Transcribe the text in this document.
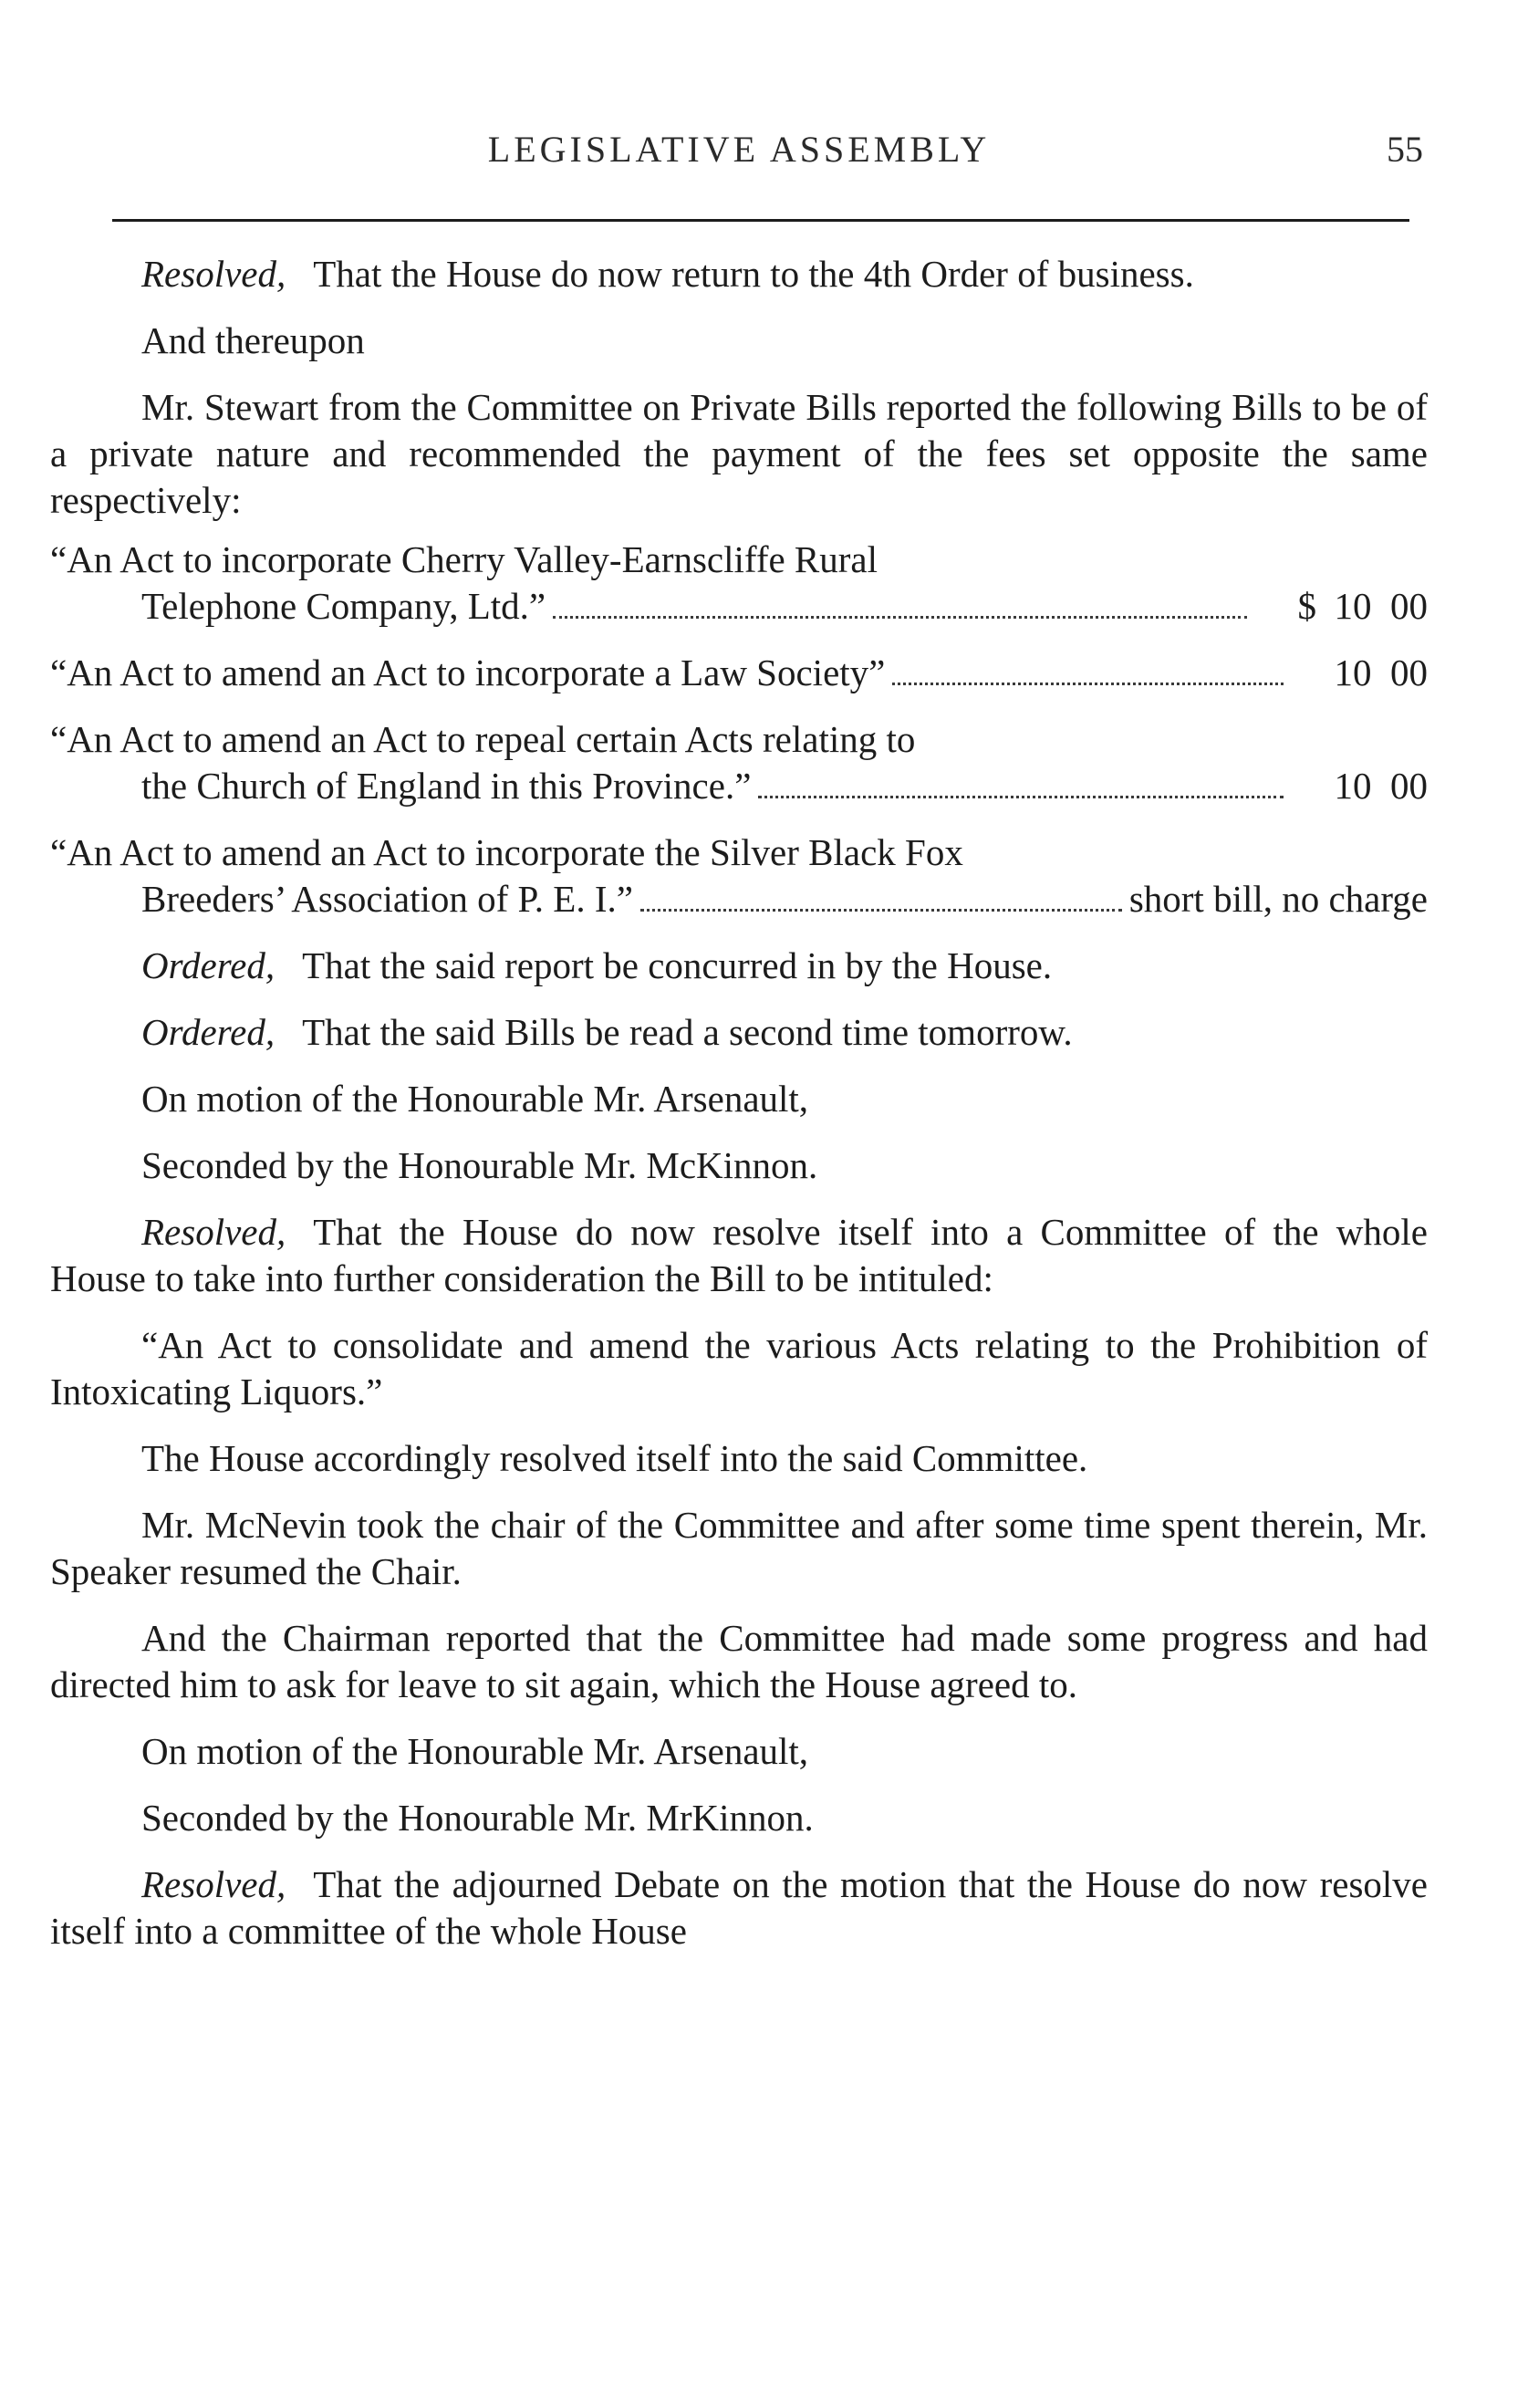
LEGISLATIVE ASSEMBLY	55

Resolved, That the House do now return to the 4th Order of business.

And thereupon

Mr. Stewart from the Committee on Private Bills reported the following Bills to be of a private nature and recommended the payment of the fees set opposite the same respectively:

“An Act to incorporate Cherry Valley-Earnscliffe Rural
Telephone Company, Ltd.”	$ 10  00
“An Act to amend an Act to incorporate a Law Society”	10  00
“An Act to amend an Act to repeal certain Acts relating to
the Church of England in this Province.”	10  00
“An Act to amend an Act to incorporate the Silver Black Fox
Breeders’ Association of P. E. I.”	short bill, no charge

Ordered, That the said report be concurred in by the House.

Ordered, That the said Bills be read a second time tomorrow.

On motion of the Honourable Mr. Arsenault,

Seconded by the Honourable Mr. McKinnon.

Resolved, That the House do now resolve itself into a Committee of the whole House to take into further consideration the Bill to be intituled:

“An Act to consolidate and amend the various Acts relating to the Prohibition of Intoxicating Liquors.”

The House accordingly resolved itself into the said Committee.

Mr. McNevin took the chair of the Committee and after some time spent therein, Mr. Speaker resumed the Chair.

And the Chairman reported that the Committee had made some progress and had directed him to ask for leave to sit again, which the House agreed to.

On motion of the Honourable Mr. Arsenault,

Seconded by the Honourable Mr. MrKinnon.

Resolved, That the adjourned Debate on the motion that the House do now resolve itself into a committee of the whole House
